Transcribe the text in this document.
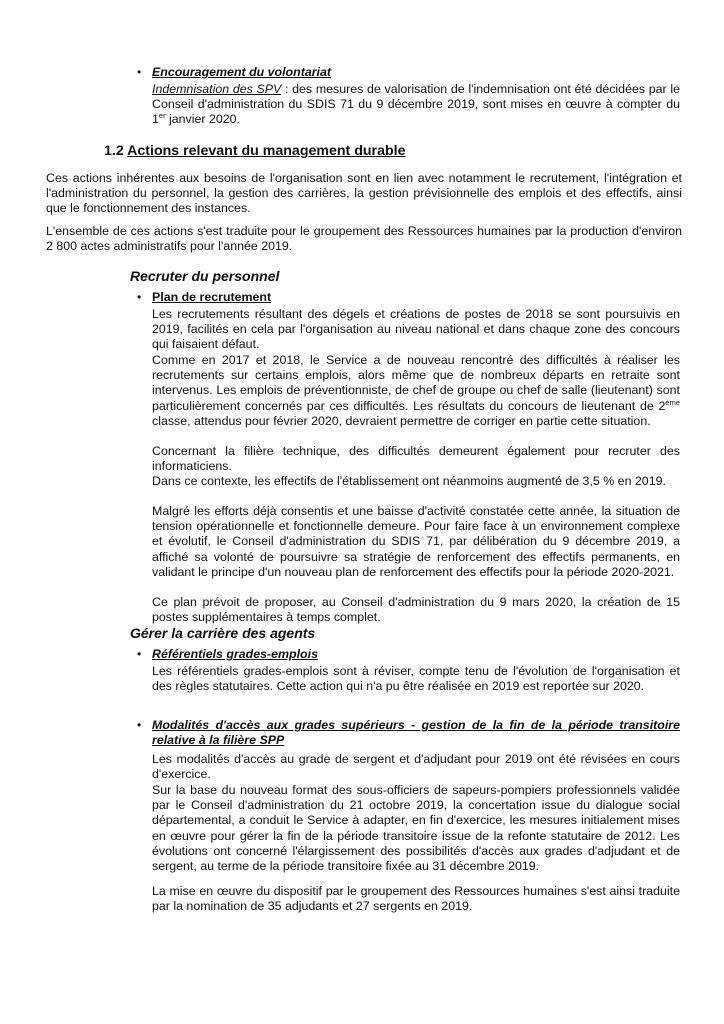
• Encouragement du volontariat
Indemnisation des SPV : des mesures de valorisation de l'indemnisation ont été décidées par le Conseil d'administration du SDIS 71 du 9 décembre 2019, sont mises en œuvre à compter du 1er janvier 2020.
1.2 Actions relevant du management durable

Ces actions inhérentes aux besoins de l'organisation sont en lien avec notamment le recrutement, l'intégration et l'administration du personnel, la gestion des carrières, la gestion prévisionnelle des emplois et des effectifs, ainsi que le fonctionnement des instances.

L'ensemble de ces actions s'est traduite pour le groupement des Ressources humaines par la production d'environ 2 800 actes administratifs pour l'année 2019.

Recruter du personnel
• Plan de recrutement

Les recrutements résultant des dégels et créations de postes de 2018 se sont poursuivis en 2019, facilités en cela par l'organisation au niveau national et dans chaque zone des concours qui faisaient défaut.

Comme en 2017 et 2018, le Service a de nouveau rencontré des difficultés à réaliser les recrutements sur certains emplois, alors même que de nombreux départs en retraite sont intervenus. Les emplois de préventionniste, de chef de groupe ou chef de salle (lieutenant) sont particulièrement concernés par ces difficultés. Les résultats du concours de lieutenant de 2ème classe, attendus pour février 2020, devraient permettre de corriger en partie cette situation.

Concernant la filière technique, des difficultés demeurent également pour recruter des informaticiens.

Dans ce contexte, les effectifs de l'établissement ont néanmoins augmenté de 3,5 % en 2019.

Malgré les efforts déjà consentis et une baisse d'activité constatée cette année, la situation de tension opérationnelle et fonctionnelle demeure. Pour faire face à un environnement complexe et évolutif, le Conseil d'administration du SDIS 71, par délibération du 9 décembre 2019, a affiché sa volonté de poursuivre sa stratégie de renforcement des effectifs permanents, en validant le principe d'un nouveau plan de renforcement des effectifs pour la période 2020-2021.

Ce plan prévoit de proposer, au Conseil d'administration du 9 mars 2020, la création de 15 postes supplémentaires à temps complet.

Gérer la carrière des agents
• Référentiels grades-emplois

Les référentiels grades-emplois sont à réviser, compte tenu de l'évolution de l'organisation et des règles statutaires. Cette action qui n'a pu être réalisée en 2019 est reportée sur 2020.

• Modalités d'accès aux grades supérieurs - gestion de la fin de la période transitoire relative à la filière SPP

Les modalités d'accès au grade de sergent et d'adjudant pour 2019 ont été révisées en cours d'exercice.

Sur la base du nouveau format des sous-officiers de sapeurs-pompiers professionnels validée par le Conseil d'administration du 21 octobre 2019, la concertation issue du dialogue social départemental, a conduit le Service à adapter, en fin d'exercice, les mesures initialement mises en œuvre pour gérer la fin de la période transitoire issue de la refonte statutaire de 2012. Les évolutions ont concerné l'élargissement des possibilités d'accès aux grades d'adjudant et de sergent, au terme de la période transitoire fixée au 31 décembre 2019.

La mise en œuvre du dispositif par le groupement des Ressources humaines s'est ainsi traduite par la nomination de 35 adjudants et 27 sergents en 2019.
